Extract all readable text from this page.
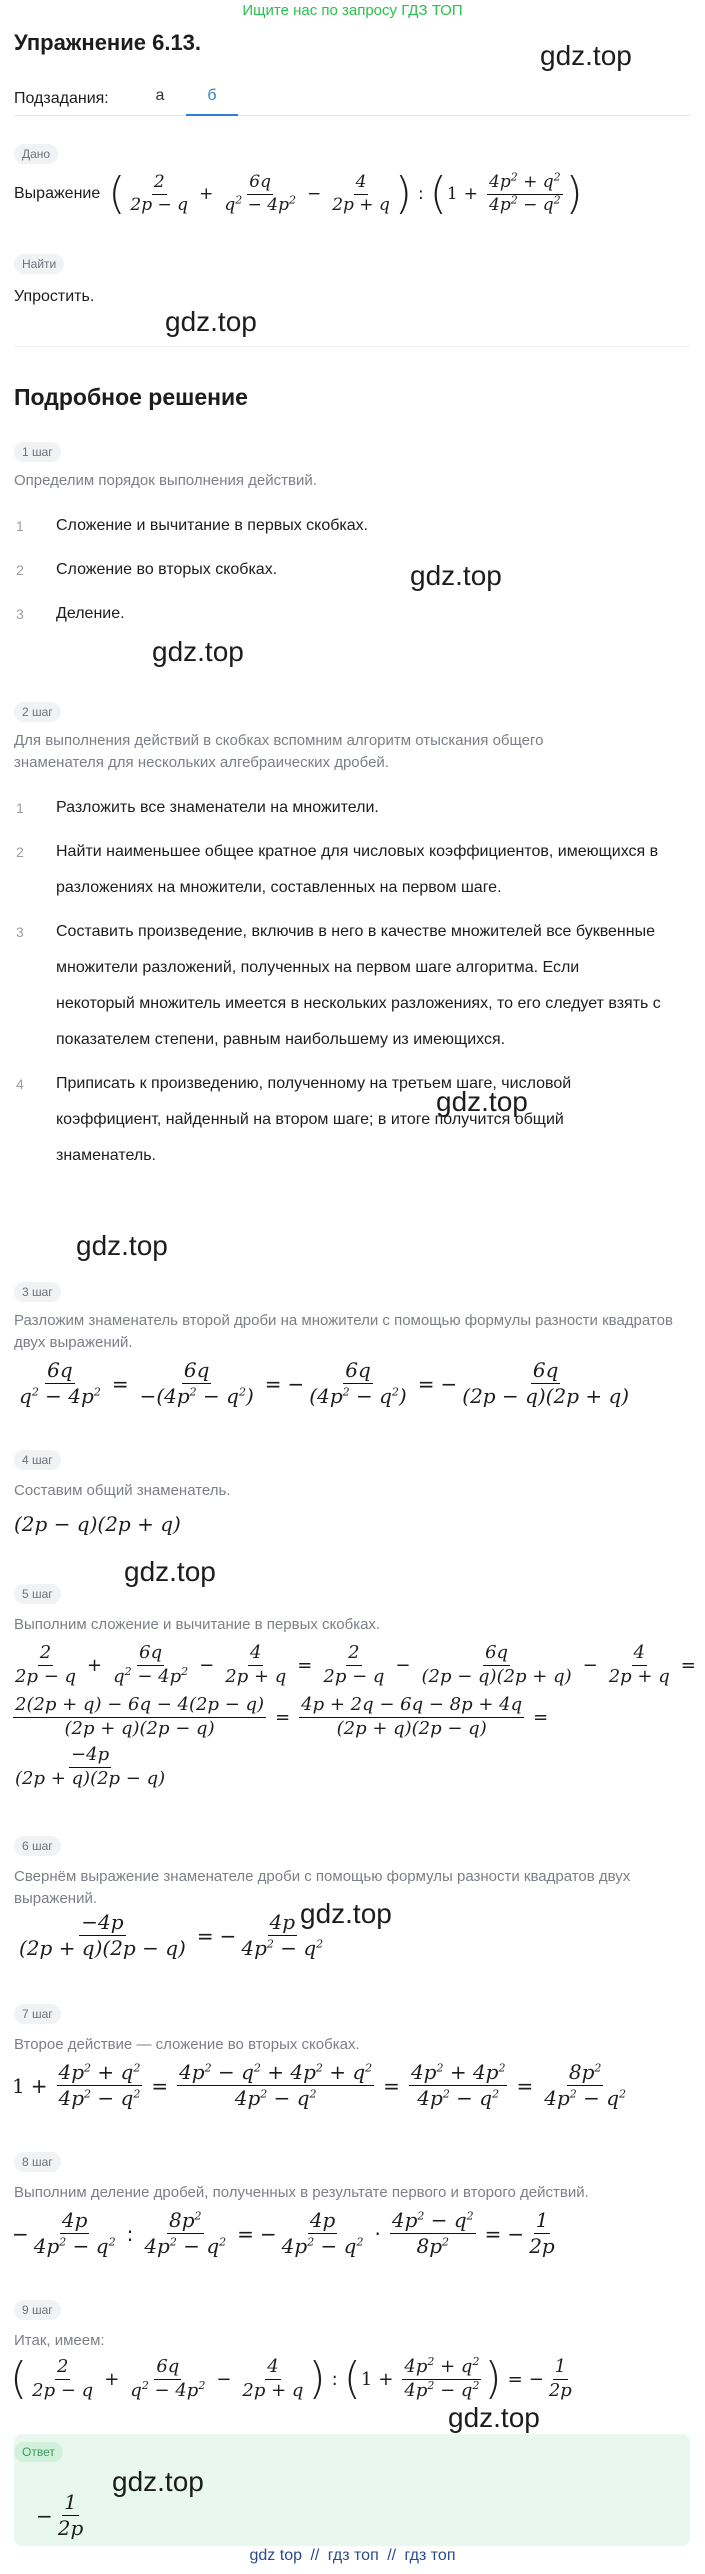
Ищите нас по запросу ГДЗ ТОП
Упражнение 6.13.
Подзадания:	а	б
Дано
Выражение ( $\frac{2}{2p - q} + \frac{6q}{q^2 - 4p^2} - \frac{4}{2p + q}$ ) : ( $1 + \frac{4p^2 + q^2}{4p^2 - q^2}$ )
Найти
Упростить.
Подробное решение
1 шаг
Определим порядок выполнения действий.
1	Сложение и вычитание в первых скобках.
2	Сложение во вторых скобках.
3	Деление.
2 шаг
Для выполнения действий в скобках вспомним алгоритм отыскания общего знаменателя для нескольких алгебраических дробей.
1	Разложить все знаменатели на множители.
2	Найти наименьшее общее кратное для числовых коэффициентов, имеющихся в разложениях на множители, составленных на первом шаге.
3	Составить произведение, включив в него в качестве множителей все буквенные множители разложений, полученных на первом шаге алгоритма. Если некоторый множитель имеется в нескольких разложениях, то его следует взять с показателем степени, равным наибольшему из имеющихся.
4	Приписать к произведению, полученному на третьем шаге, числовой коэффициент, найденный на втором шаге; в итоге получится общий знаменатель.
3 шаг
Разложим знаменатель второй дроби на множители с помощью формулы разности квадратов двух выражений.
$\frac{6q}{q^2 - 4p^2} = \frac{6q}{-(4p^2 - q^2)}$ = − $\frac{6q}{(4p^2 - q^2)}$ = − $\frac{6q}{(2p - q)(2p + q)}$
4 шаг
Составим общий знаменатель.
(2p − q)(2p + q)
5 шаг
Выполним сложение и вычитание в первых скобках.
$\frac{2}{2p - q} + \frac{6q}{q^2 - 4p^2} - \frac{4}{2p + q} = \frac{2}{2p - q} - \frac{6q}{(2p - q)(2p + q)} - \frac{4}{2p + q}$ =
$\frac{2(2p + q) - 6q - 4(2p - q)}{(2p + q)(2p - q)} = \frac{4p + 2q - 6q - 8p + 4q}{(2p + q)(2p - q)}$ =
$\frac{-4p}{(2p + q)(2p - q)}$
6 шаг
Свернём выражение знаменателе дроби с помощью формулы разности квадратов двух выражений.
$\frac{-4p}{(2p + q)(2p - q)}$ = − $\frac{4p}{4p^2 - q^2}$
7 шаг
Второе действие — сложение во вторых скобках.
$1 + \frac{4p^2 + q^2}{4p^2 - q^2} = \frac{4p^2 - q^2 + 4p^2 + q^2}{4p^2 - q^2} = \frac{4p^2 + 4p^2}{4p^2 - q^2} = \frac{8p^2}{4p^2 - q^2}$
8 шаг
Выполним деление дробей, полученных в результате первого и второго действий.
− $\frac{4p}{4p^2 - q^2}$ : $\frac{8p^2}{4p^2 - q^2}$ = − $\frac{4p}{4p^2 - q^2} \cdot \frac{4p^2 - q^2}{8p^2}$ = − $\frac{1}{2p}$
9 шаг
Итак, имеем:
( $\frac{2}{2p - q} + \frac{6q}{q^2 - 4p^2} - \frac{4}{2p + q}$ ) : ( $1 + \frac{4p^2 + q^2}{4p^2 - q^2}$ ) = − $\frac{1}{2p}$
Ответ
− $\frac{1}{2p}$
gdz.top
gdz.top
gdz.top
gdz.top
gdz.top
gdz.top
gdz.top
gdz.top
gdz.top
gdz.top
gdz top // гдз топ // гдз топ
